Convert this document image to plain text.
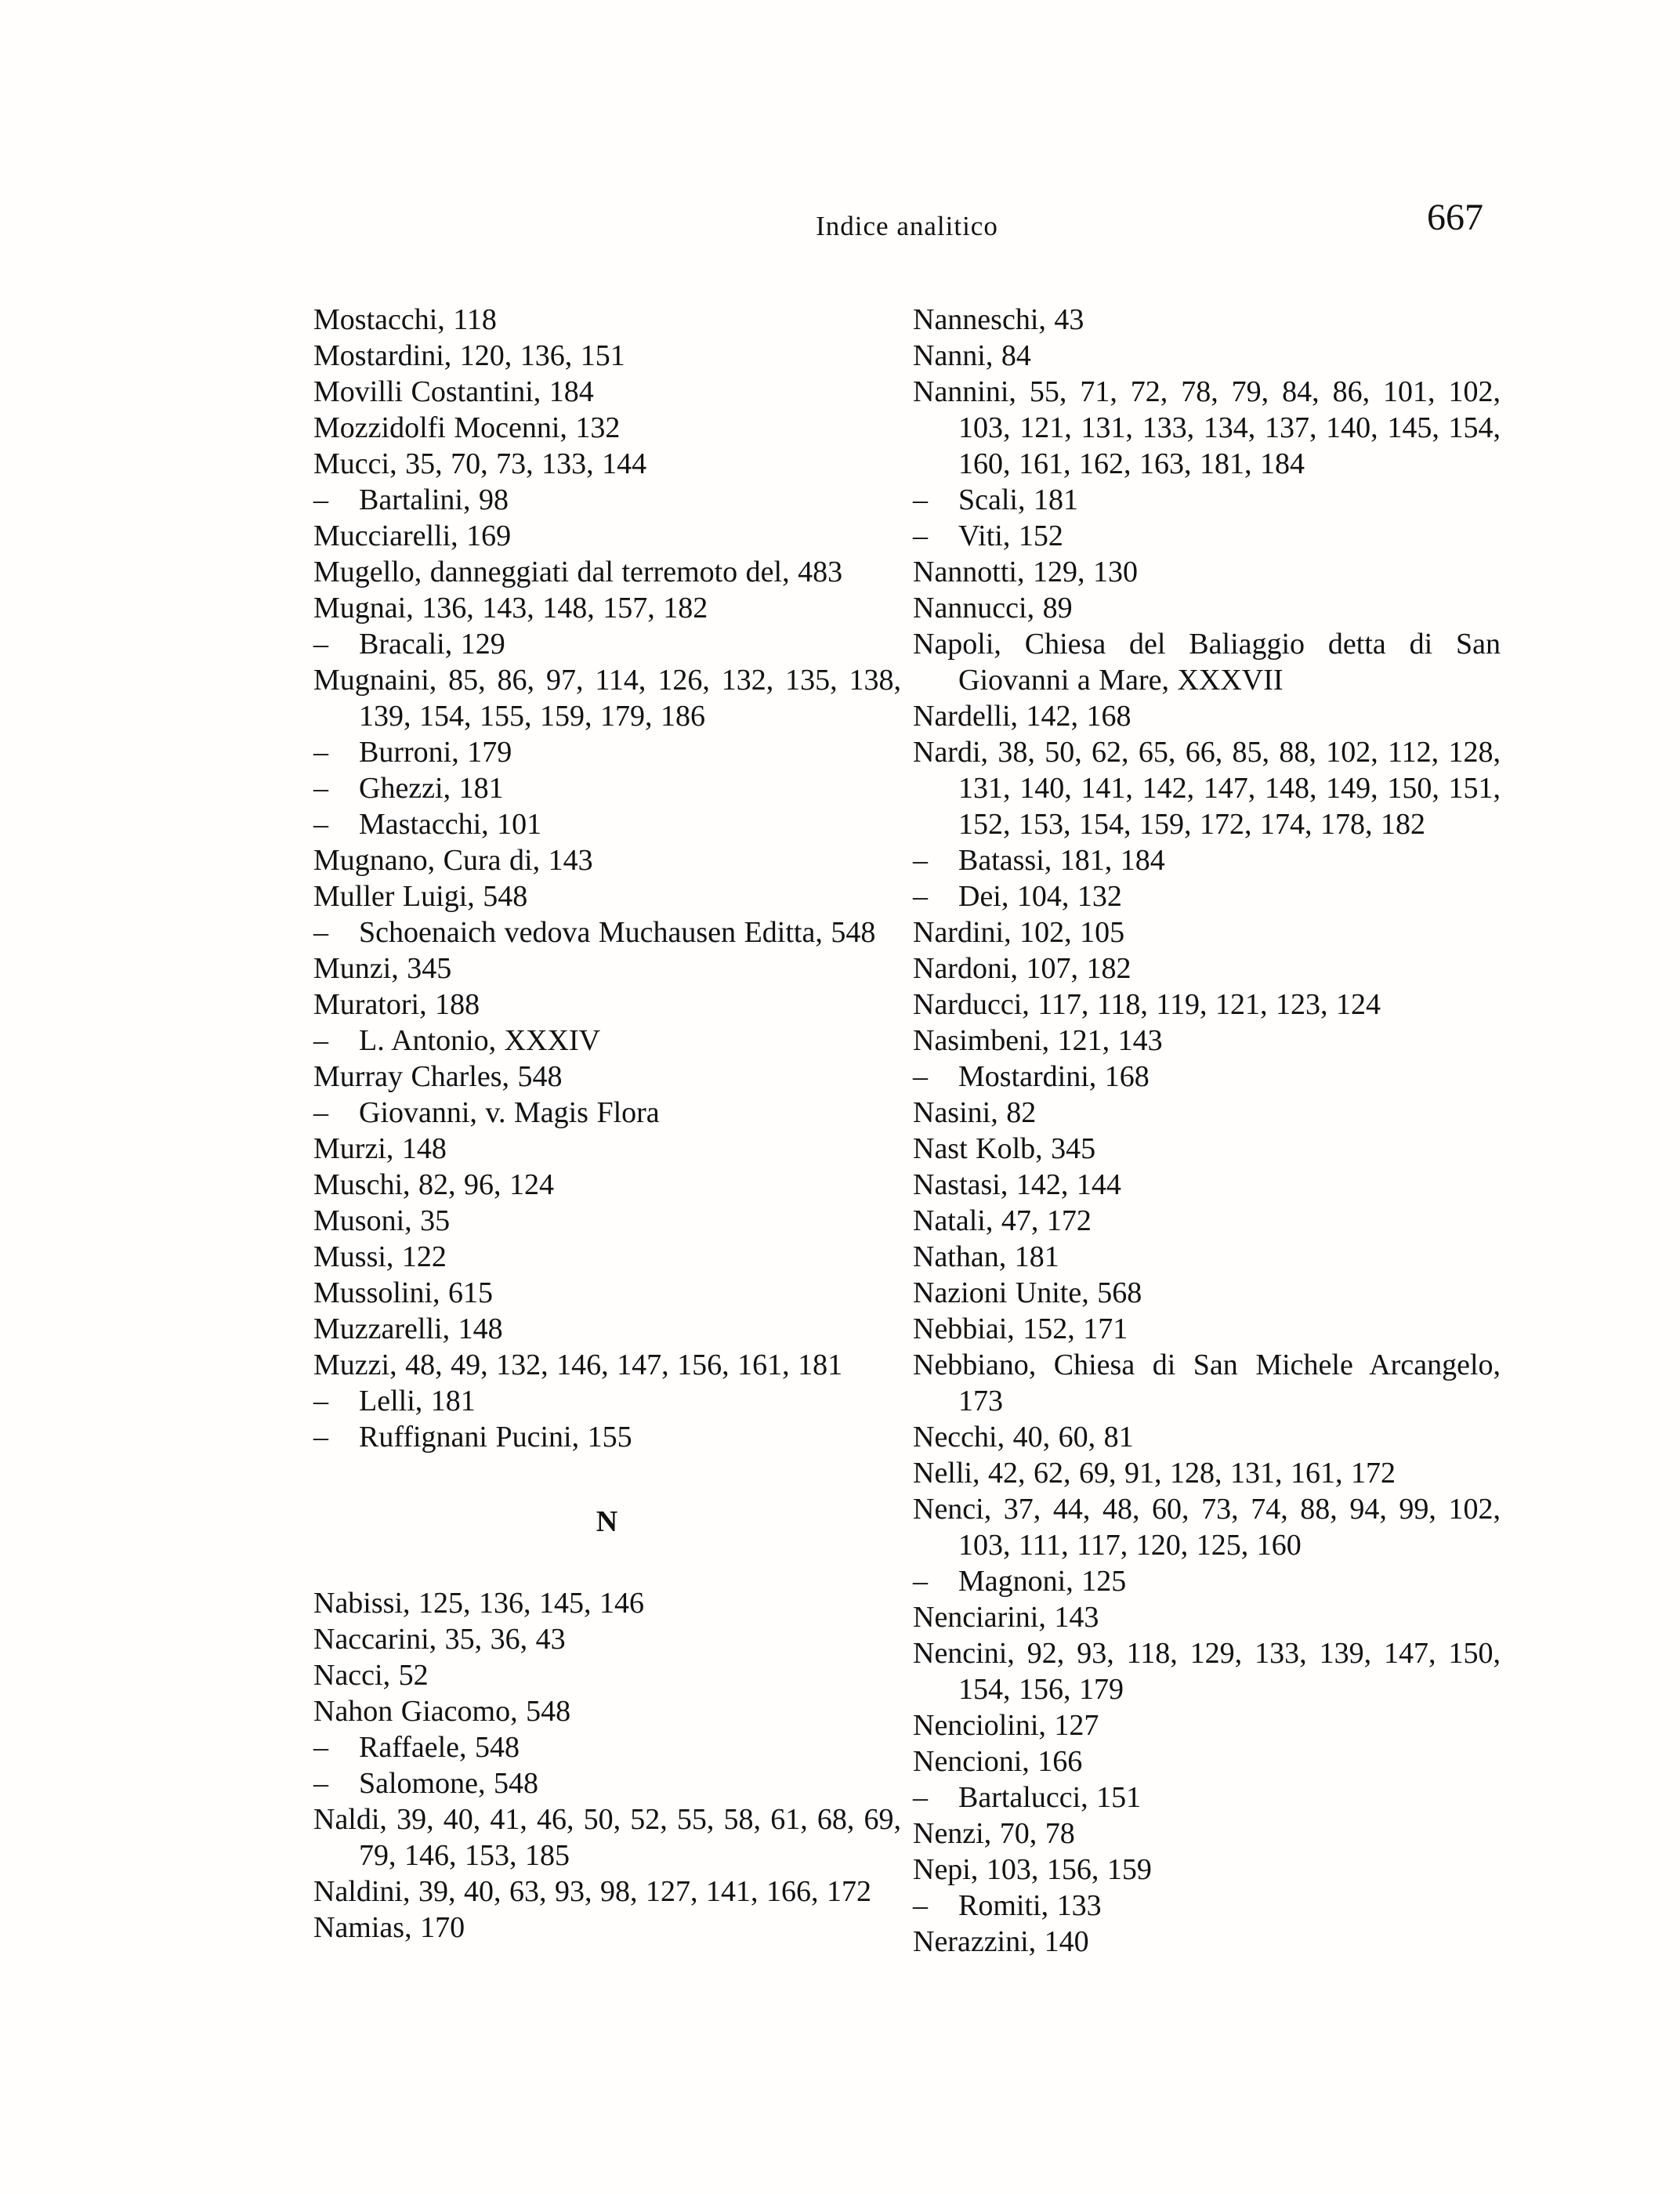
Indice analitico	667

Mostacchi, 118

Mostardini, 120, 136, 151

Movilli Costantini, 184

Mozzidolfi Mocenni, 132

Mucci, 35, 70, 73, 133, 144

– Bartalini, 98

Mucciarelli, 169

Mugello, danneggiati dal terremoto del, 483

Mugnai, 136, 143, 148, 157, 182

– Bracali, 129

Mugnaini, 85, 86, 97, 114, 126, 132, 135, 138, 139, 154, 155, 159, 179, 186

– Burroni, 179

– Ghezzi, 181

– Mastacchi, 101

Mugnano, Cura di, 143

Muller Luigi, 548

– Schoenaich vedova Muchausen Editta, 548

Munzi, 345

Muratori, 188

– L. Antonio, XXXIV

Murray Charles, 548

– Giovanni, v. Magis Flora

Murzi, 148

Muschi, 82, 96, 124

Musoni, 35

Mussi, 122

Mussolini, 615

Muzzarelli, 148

Muzzi, 48, 49, 132, 146, 147, 156, 161, 181

– Lelli, 181

– Ruffignani Pucini, 155

N

Nabissi, 125, 136, 145, 146

Naccarini, 35, 36, 43

Nacci, 52

Nahon Giacomo, 548

– Raffaele, 548

– Salomone, 548

Naldi, 39, 40, 41, 46, 50, 52, 55, 58, 61, 68, 69, 79, 146, 153, 185

Naldini, 39, 40, 63, 93, 98, 127, 141, 166, 172

Namias, 170

Nanneschi, 43

Nanni, 84

Nannini, 55, 71, 72, 78, 79, 84, 86, 101, 102, 103, 121, 131, 133, 134, 137, 140, 145, 154, 160, 161, 162, 163, 181, 184

– Scali, 181

– Viti, 152

Nannotti, 129, 130

Nannucci, 89

Napoli, Chiesa del Baliaggio detta di San Giovanni a Mare, XXXVII

Nardelli, 142, 168

Nardi, 38, 50, 62, 65, 66, 85, 88, 102, 112, 128, 131, 140, 141, 142, 147, 148, 149, 150, 151, 152, 153, 154, 159, 172, 174, 178, 182

– Batassi, 181, 184

– Dei, 104, 132

Nardini, 102, 105

Nardoni, 107, 182

Narducci, 117, 118, 119, 121, 123, 124

Nasimbeni, 121, 143

– Mostardini, 168

Nasini, 82

Nast Kolb, 345

Nastasi, 142, 144

Natali, 47, 172

Nathan, 181

Nazioni Unite, 568

Nebbiai, 152, 171

Nebbiano, Chiesa di San Michele Arcangelo, 173

Necchi, 40, 60, 81

Nelli, 42, 62, 69, 91, 128, 131, 161, 172

Nenci, 37, 44, 48, 60, 73, 74, 88, 94, 99, 102, 103, 111, 117, 120, 125, 160

– Magnoni, 125

Nenciarini, 143

Nencini, 92, 93, 118, 129, 133, 139, 147, 150, 154, 156, 179

Nenciolini, 127

Nencioni, 166

– Bartalucci, 151

Nenzi, 70, 78

Nepi, 103, 156, 159

– Romiti, 133

Nerazzini, 140
